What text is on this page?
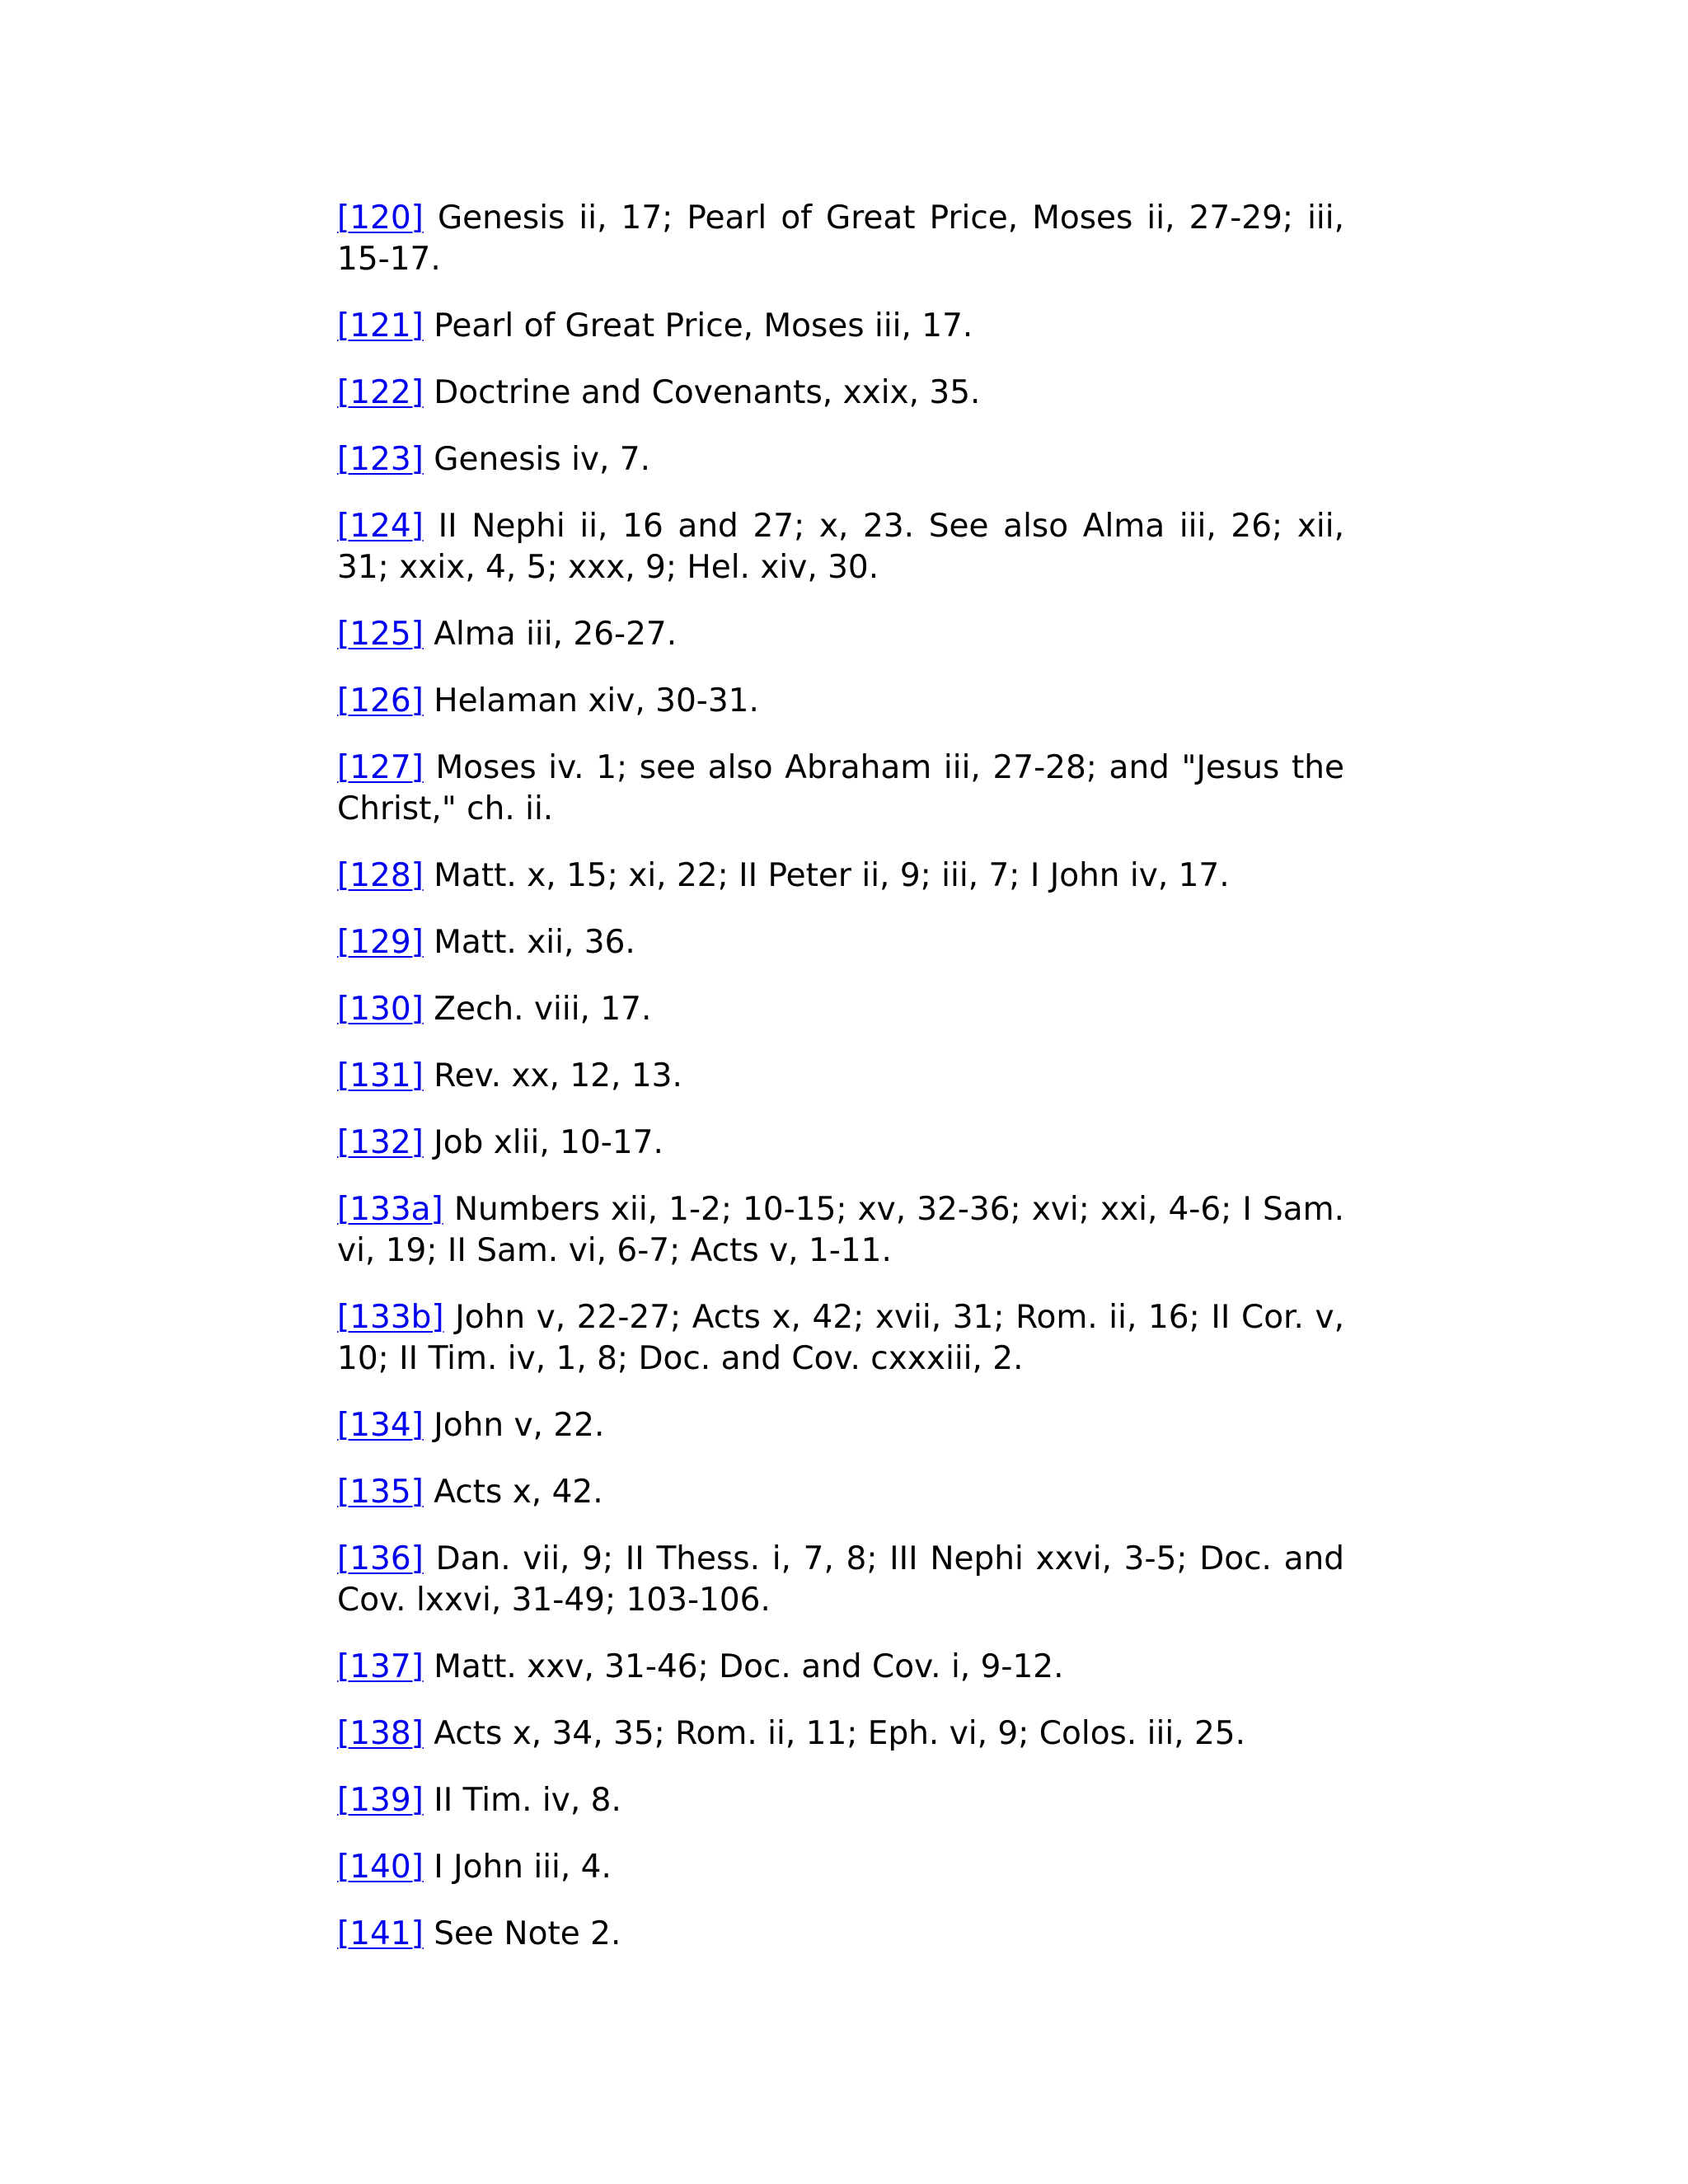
[120] Genesis ii, 17; Pearl of Great Price, Moses ii, 27-29; iii, 15-17.

[121] Pearl of Great Price, Moses iii, 17.

[122] Doctrine and Covenants, xxix, 35.

[123] Genesis iv, 7.

[124] II Nephi ii, 16 and 27; x, 23. See also Alma iii, 26; xii, 31; xxix, 4, 5; xxx, 9; Hel. xiv, 30.

[125] Alma iii, 26-27.

[126] Helaman xiv, 30-31.

[127] Moses iv. 1; see also Abraham iii, 27-28; and "Jesus the Christ," ch. ii.

[128] Matt. x, 15; xi, 22; II Peter ii, 9; iii, 7; I John iv, 17.

[129] Matt. xii, 36.

[130] Zech. viii, 17.

[131] Rev. xx, 12, 13.

[132] Job xlii, 10-17.

[133a] Numbers xii, 1-2; 10-15; xv, 32-36; xvi; xxi, 4-6; I Sam. vi, 19; II Sam. vi, 6-7; Acts v, 1-11.

[133b] John v, 22-27; Acts x, 42; xvii, 31; Rom. ii, 16; II Cor. v, 10; II Tim. iv, 1, 8; Doc. and Cov. cxxxiii, 2.

[134] John v, 22.

[135] Acts x, 42.

[136] Dan. vii, 9; II Thess. i, 7, 8; III Nephi xxvi, 3-5; Doc. and Cov. lxxvi, 31-49; 103-106.

[137] Matt. xxv, 31-46; Doc. and Cov. i, 9-12.

[138] Acts x, 34, 35; Rom. ii, 11; Eph. vi, 9; Colos. iii, 25.

[139] II Tim. iv, 8.

[140] I John iii, 4.

[141] See Note 2.
